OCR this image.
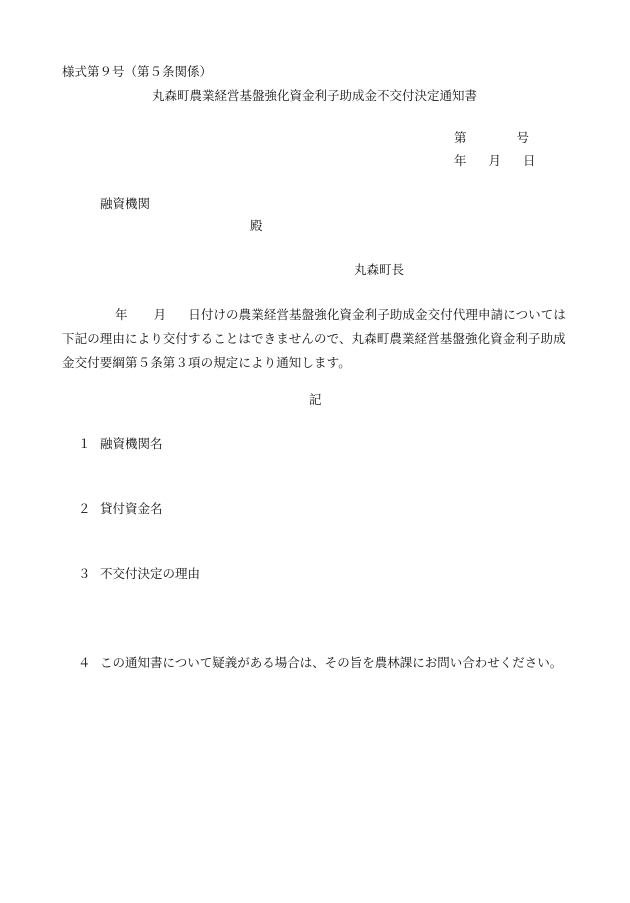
様式第９号（第５条関係）
丸森町農業経営基盤強化資金利子助成金不交付決定通知書
第	号
年 月 日
融資機関
殿
丸森町長
年 月 日付けの農業経営基盤強化資金利子助成金交付代理申請については
下記の理由により交付することはできませんので、丸森町農業経営基盤強化資金利子助成
金交付要綱第５条第３項の規定により通知します。
記
１ 融資機関名
２ 貸付資金名
３ 不交付決定の理由
４ この通知書について疑義がある場合は、その旨を農林課にお問い合わせください。
